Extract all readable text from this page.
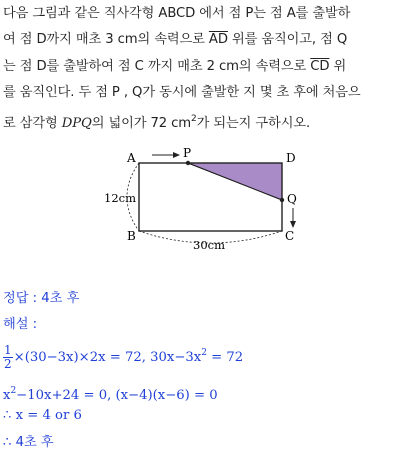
다음 그림과 같은 직사각형 ABCD 에서 점 P는 점 A를 출발하
여 점 D까지 매초 3 cm의 속력으로 $\overline{AD}$ 위를 움직이고, 점 Q
는 점 D를 출발하여 점 C 까지 매초 2 cm의 속력으로 $\overline{CD}$ 위
를 움직인다. 두 점 P , Q가 동시에 출발한 지 몇 초 후에 처음으
로 삼각형 DPQ의 넓이가 72 $cm^2$가 되는지 구하시오.
A	P	D
Q
B	C
12cm
30cm
정답 : 4초 후
해설 :
$\frac{1}{2} \times(30-3x)\times 2x = 72$, $30x-3x^2 = 72$
$x^2-10x+24 = 0$, (x−4)(x−6) = 0
∴ x = 4 or 6
∴ 4초 후
